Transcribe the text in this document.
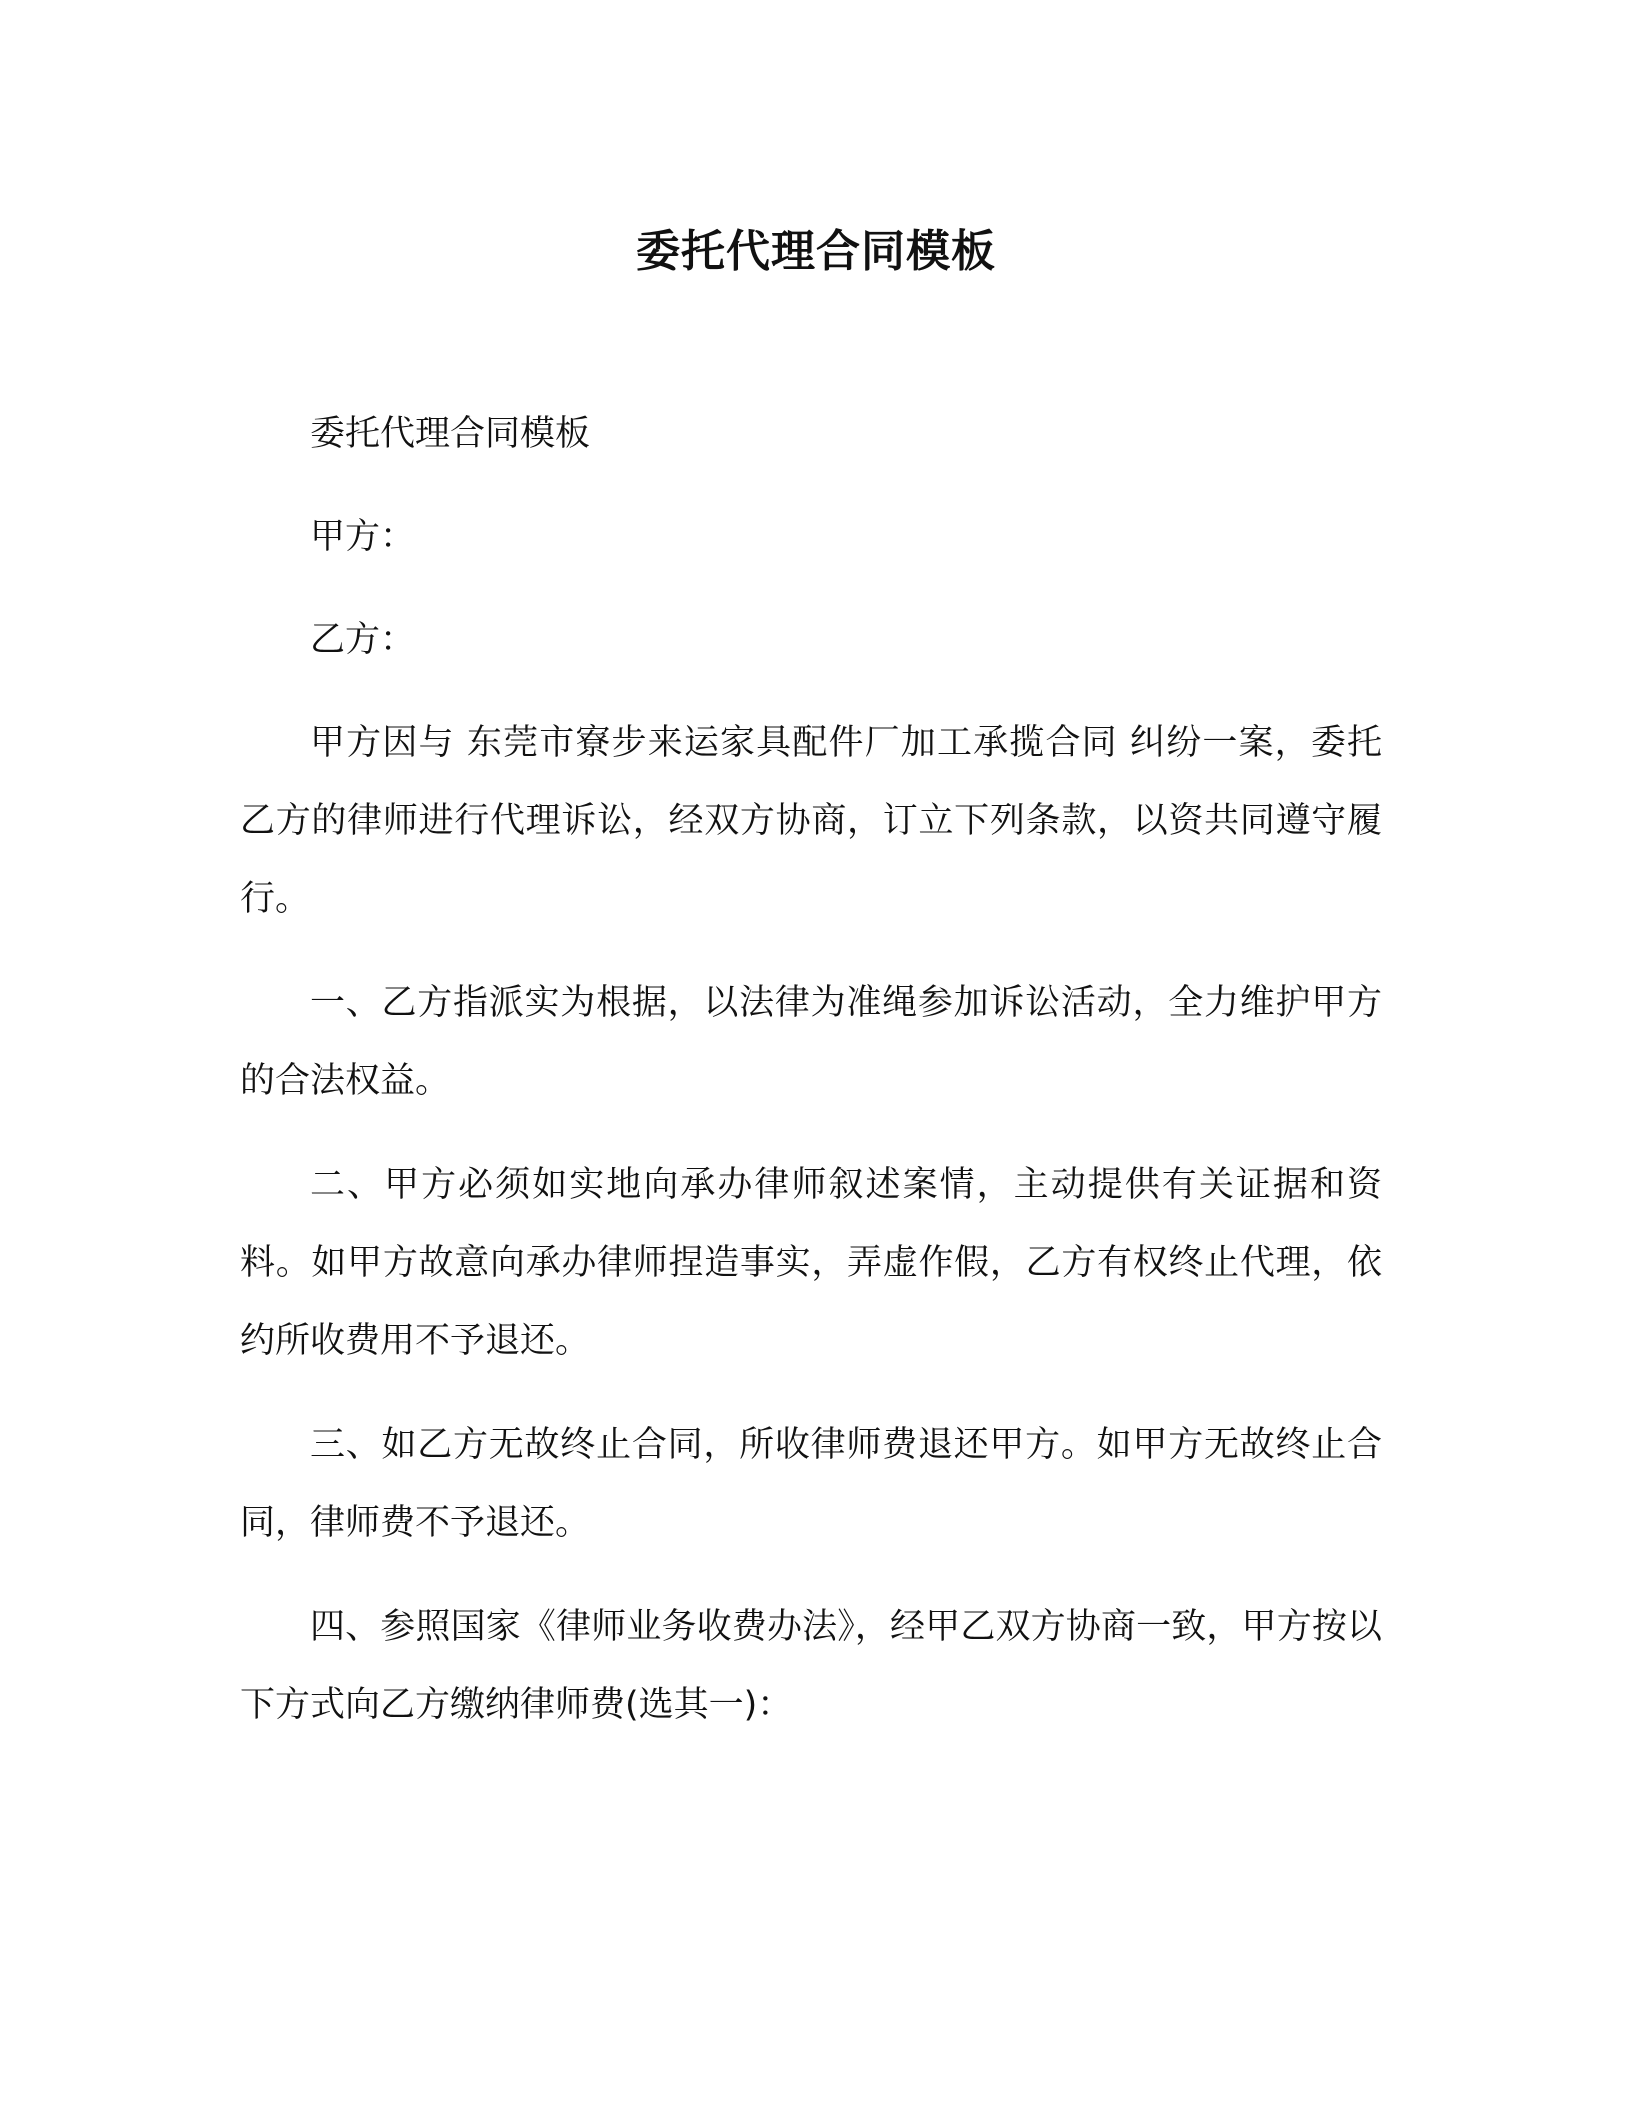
委托代理合同模板

委托代理合同模板

甲方：

乙方：

甲方因与 东莞市寮步来运家具配件厂加工承揽合同 纠纷一案，委托乙方的律师进行代理诉讼，经双方协商，订立下列条款，以资共同遵守履行。

一、乙方指派实为根据，以法律为准绳参加诉讼活动，全力维护甲方的合法权益。

二、甲方必须如实地向承办律师叙述案情，主动提供有关证据和资料。如甲方故意向承办律师捏造事实，弄虚作假，乙方有权终止代理，依约所收费用不予退还。

三、如乙方无故终止合同，所收律师费退还甲方。如甲方无故终止合同，律师费不予退还。

四、参照国家《律师业务收费办法》，经甲乙双方协商一致，甲方按以下方式向乙方缴纳律师费(选其一)：
